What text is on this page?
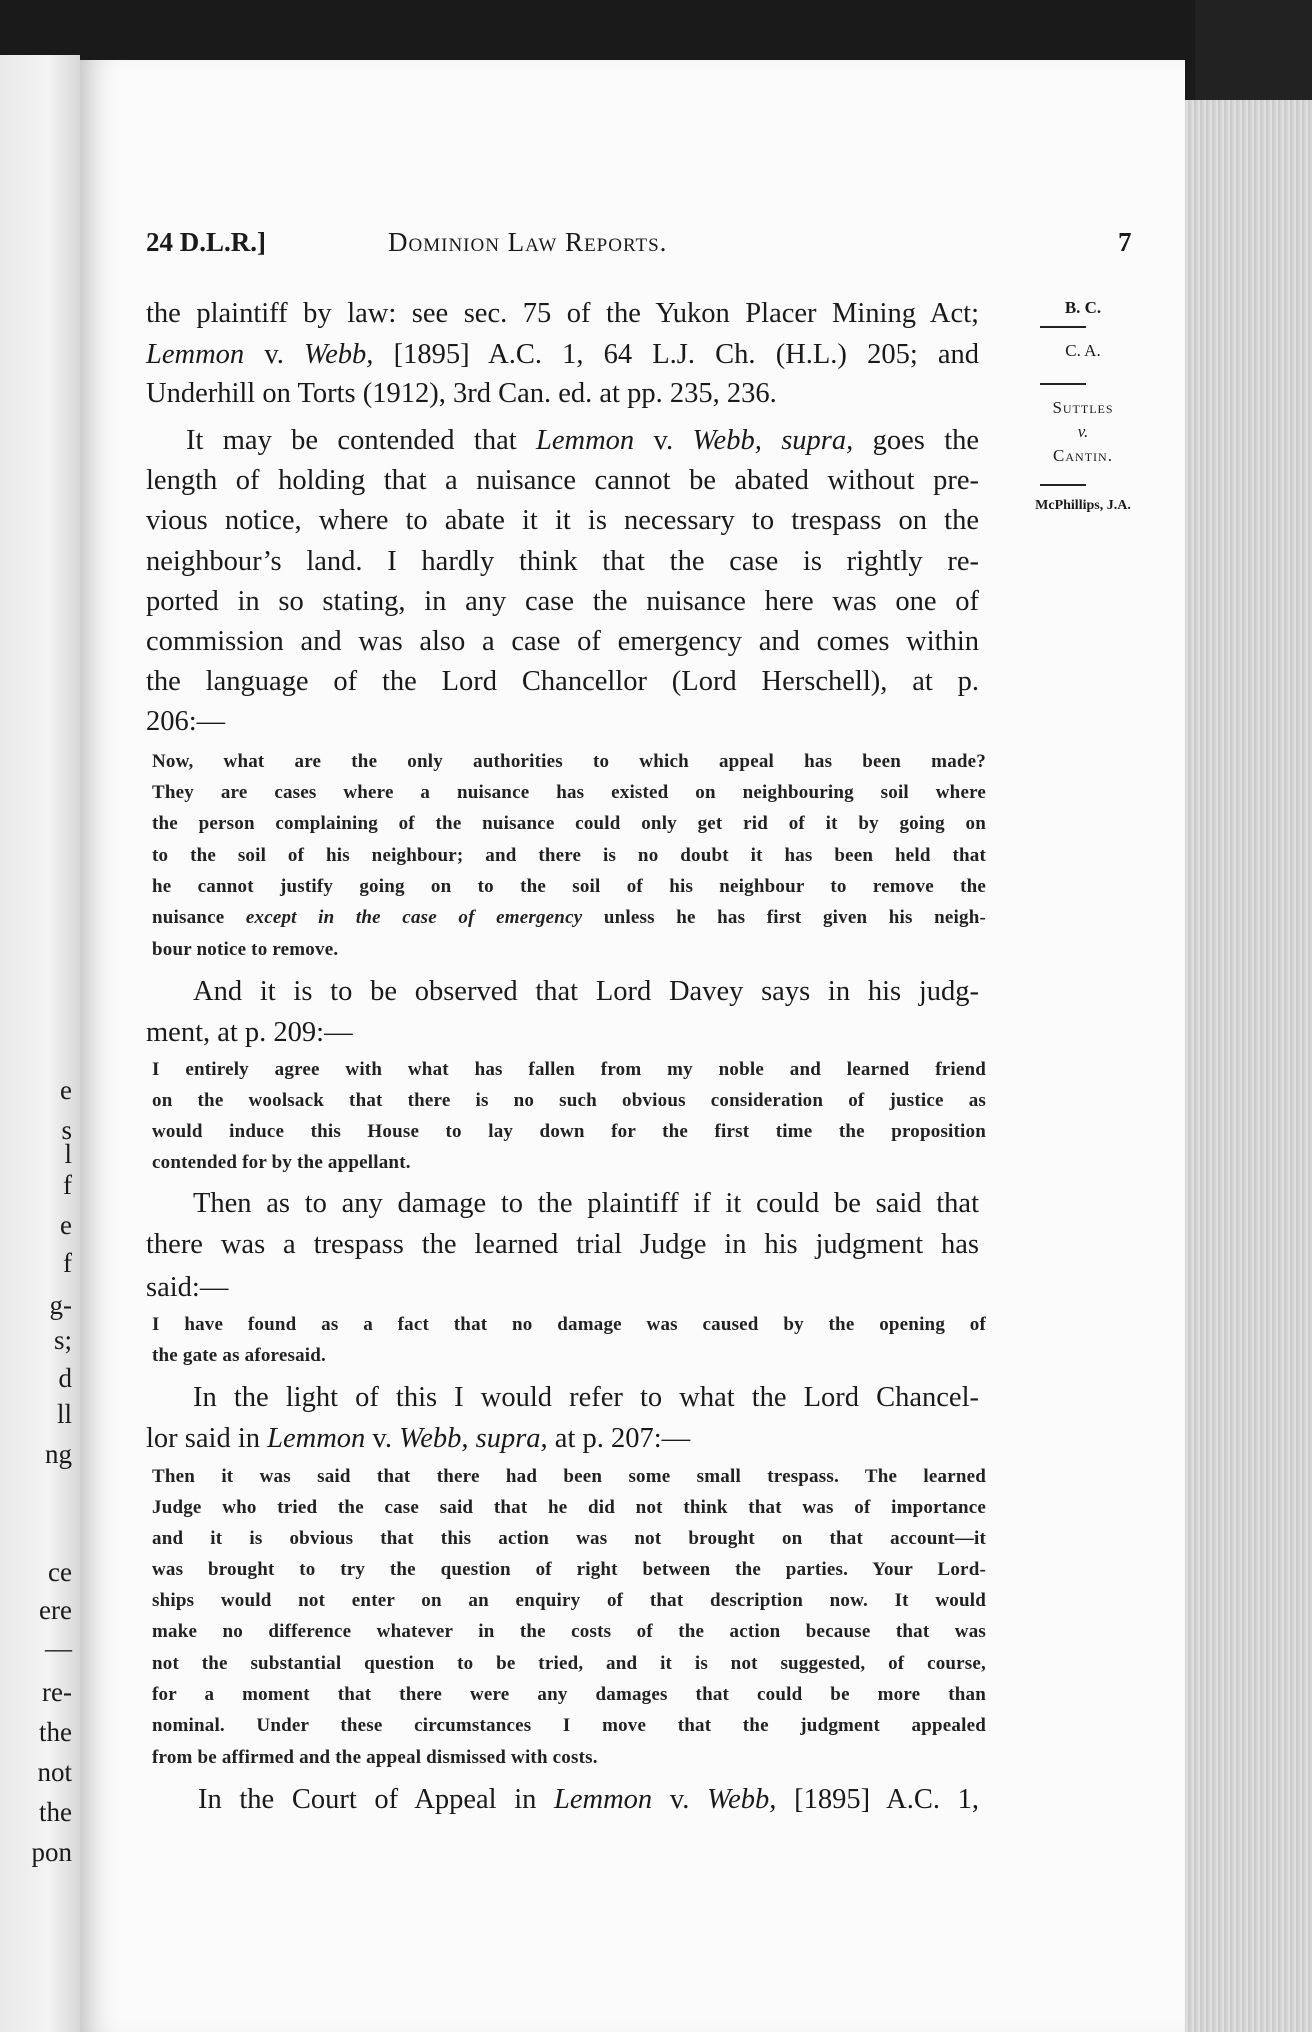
e
s
l
f
e
f
g-
s;
d
ll
ng
ce
ere
—
re-
the
not
the
pon
24 D.L.R.]	Dominion Law Reports.	7
B. C.
C. A.
Suttles
v.
Cantin.
McPhillips, J.A.
the plaintiff by law: see sec. 75 of the Yukon Placer Mining Act;
Lemmon v. Webb, [1895] A.C. 1, 64 L.J. Ch. (H.L.) 205; and
Underhill on Torts (1912), 3rd Can. ed. at pp. 235, 236.
It may be contended that Lemmon v. Webb, supra, goes the
length of holding that a nuisance cannot be abated without pre-
vious notice, where to abate it it is necessary to trespass on the
neighbour’s land. I hardly think that the case is rightly re-
ported in so stating, in any case the nuisance here was one of
commission and was also a case of emergency and comes within
the language of the Lord Chancellor (Lord Herschell), at p.
206:—
Now, what are the only authorities to which appeal has been made?
They are cases where a nuisance has existed on neighbouring soil where
the person complaining of the nuisance could only get rid of it by going on
to the soil of his neighbour; and there is no doubt it has been held that
he cannot justify going on to the soil of his neighbour to remove the
nuisance except in the case of emergency unless he has first given his neigh-
bour notice to remove.
And it is to be observed that Lord Davey says in his judg-
ment, at p. 209:—
I entirely agree with what has fallen from my noble and learned friend
on the woolsack that there is no such obvious consideration of justice as
would induce this House to lay down for the first time the proposition
contended for by the appellant.
Then as to any damage to the plaintiff if it could be said that
there was a trespass the learned trial Judge in his judgment has
said:—
I have found as a fact that no damage was caused by the opening of
the gate as aforesaid.
In the light of this I would refer to what the Lord Chancel-
lor said in Lemmon v. Webb, supra, at p. 207:—
Then it was said that there had been some small trespass. The learned
Judge who tried the case said that he did not think that was of importance
and it is obvious that this action was not brought on that account—it
was brought to try the question of right between the parties. Your Lord-
ships would not enter on an enquiry of that description now. It would
make no difference whatever in the costs of the action because that was
not the substantial question to be tried, and it is not suggested, of course,
for a moment that there were any damages that could be more than
nominal. Under these circumstances I move that the judgment appealed
from be affirmed and the appeal dismissed with costs.
In the Court of Appeal in Lemmon v. Webb, [1895] A.C. 1,
